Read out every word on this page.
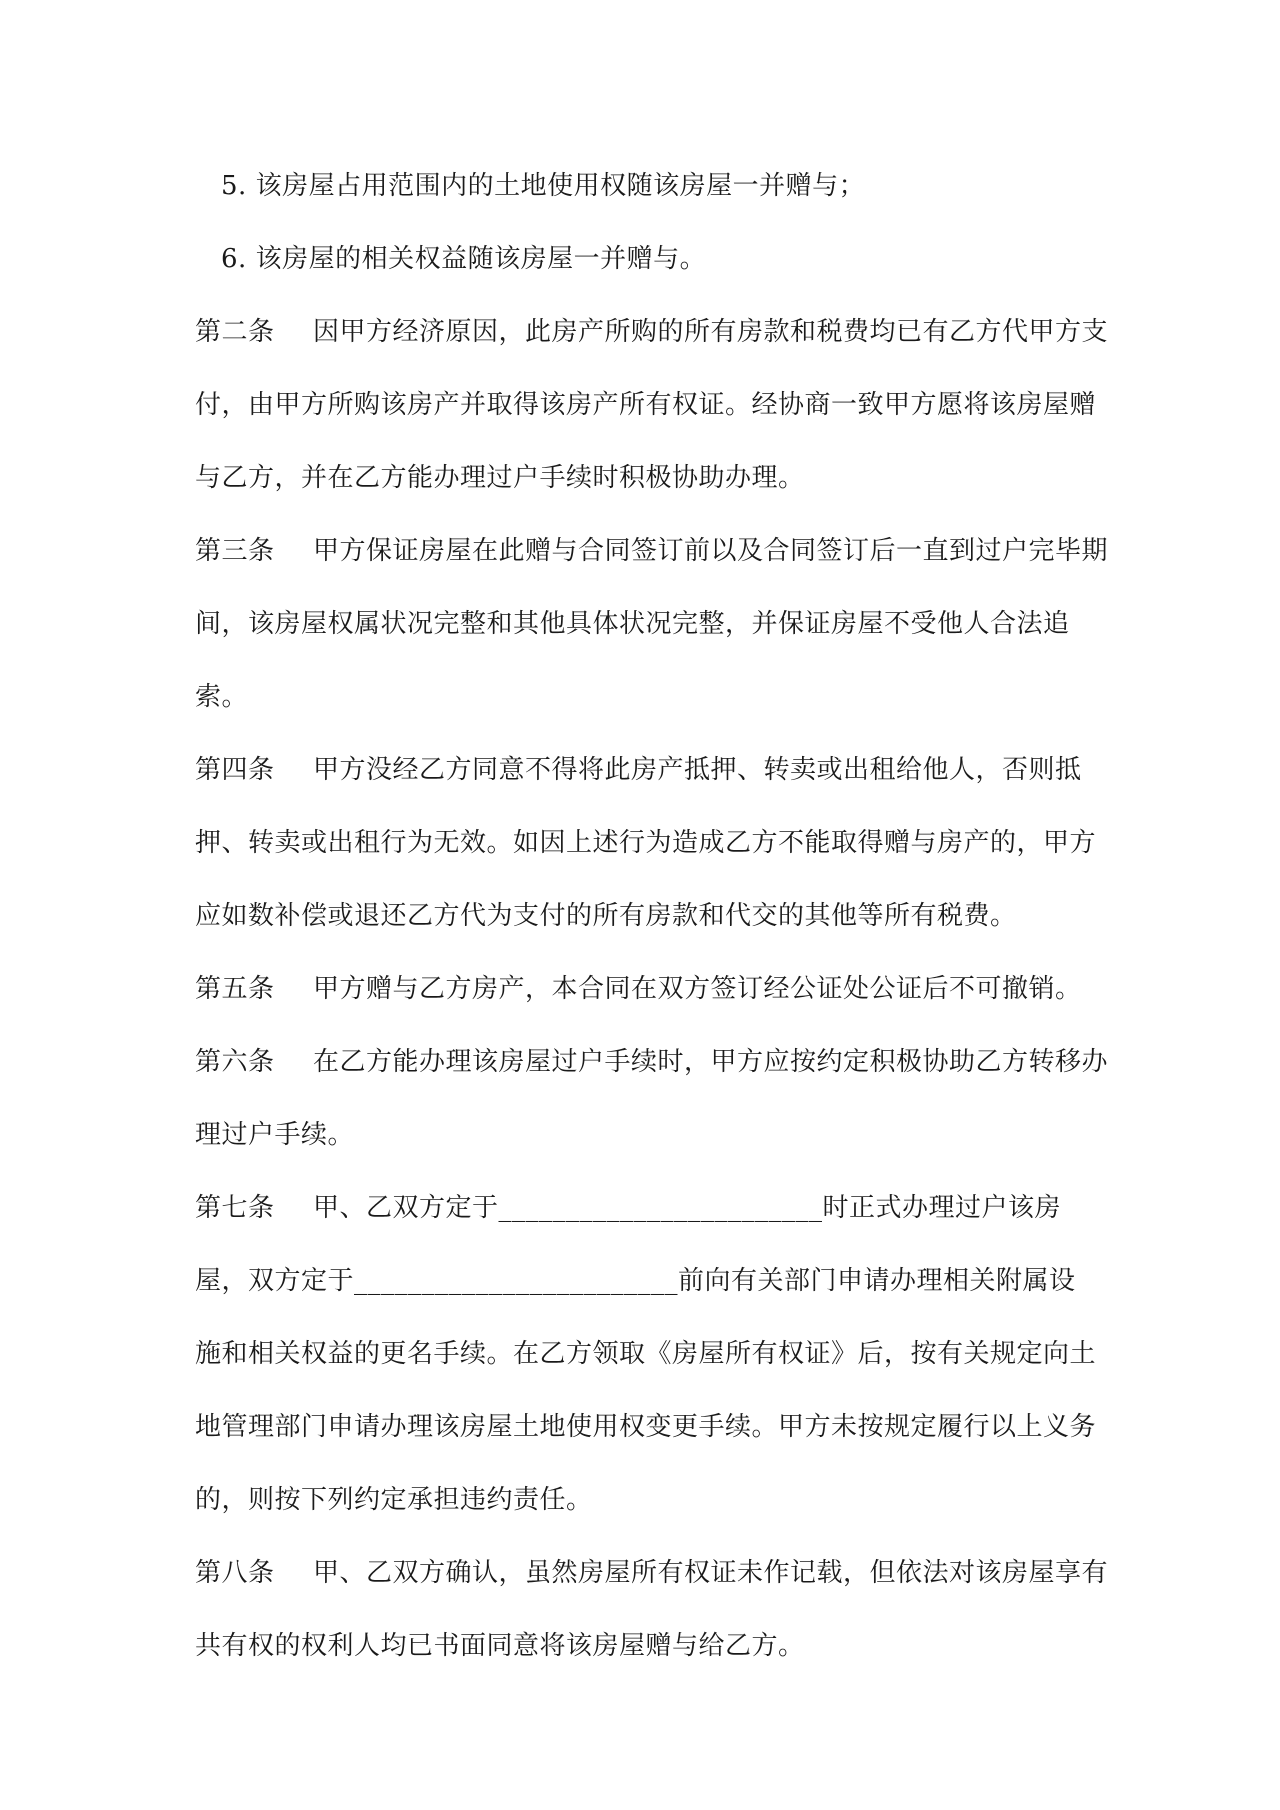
5. 该房屋占用范围内的土地使用权随该房屋一并赠与；
6. 该房屋的相关权益随该房屋一并赠与。
第二条 因甲方经济原因，此房产所购的所有房款和税费均已有乙方代甲方支
付，由甲方所购该房产并取得该房产所有权证。经协商一致甲方愿将该房屋赠
与乙方，并在乙方能办理过户手续时积极协助办理。
第三条 甲方保证房屋在此赠与合同签订前以及合同签订后一直到过户完毕期
间，该房屋权属状况完整和其他具体状况完整，并保证房屋不受他人合法追
索。
第四条 甲方没经乙方同意不得将此房产抵押、转卖或出租给他人，否则抵
押、转卖或出租行为无效。如因上述行为造成乙方不能取得赠与房产的，甲方
应如数补偿或退还乙方代为支付的所有房款和代交的其他等所有税费。
第五条 甲方赠与乙方房产，本合同在双方签订经公证处公证后不可撤销。
第六条 在乙方能办理该房屋过户手续时，甲方应按约定积极协助乙方转移办
理过户手续。
第七条 甲、乙双方定于________________________时正式办理过户该房
屋，双方定于________________________前向有关部门申请办理相关附属设
施和相关权益的更名手续。在乙方领取《房屋所有权证》后，按有关规定向土
地管理部门申请办理该房屋土地使用权变更手续。甲方未按规定履行以上义务
的，则按下列约定承担违约责任。
第八条 甲、乙双方确认，虽然房屋所有权证未作记载，但依法对该房屋享有
共有权的权利人均已书面同意将该房屋赠与给乙方。
